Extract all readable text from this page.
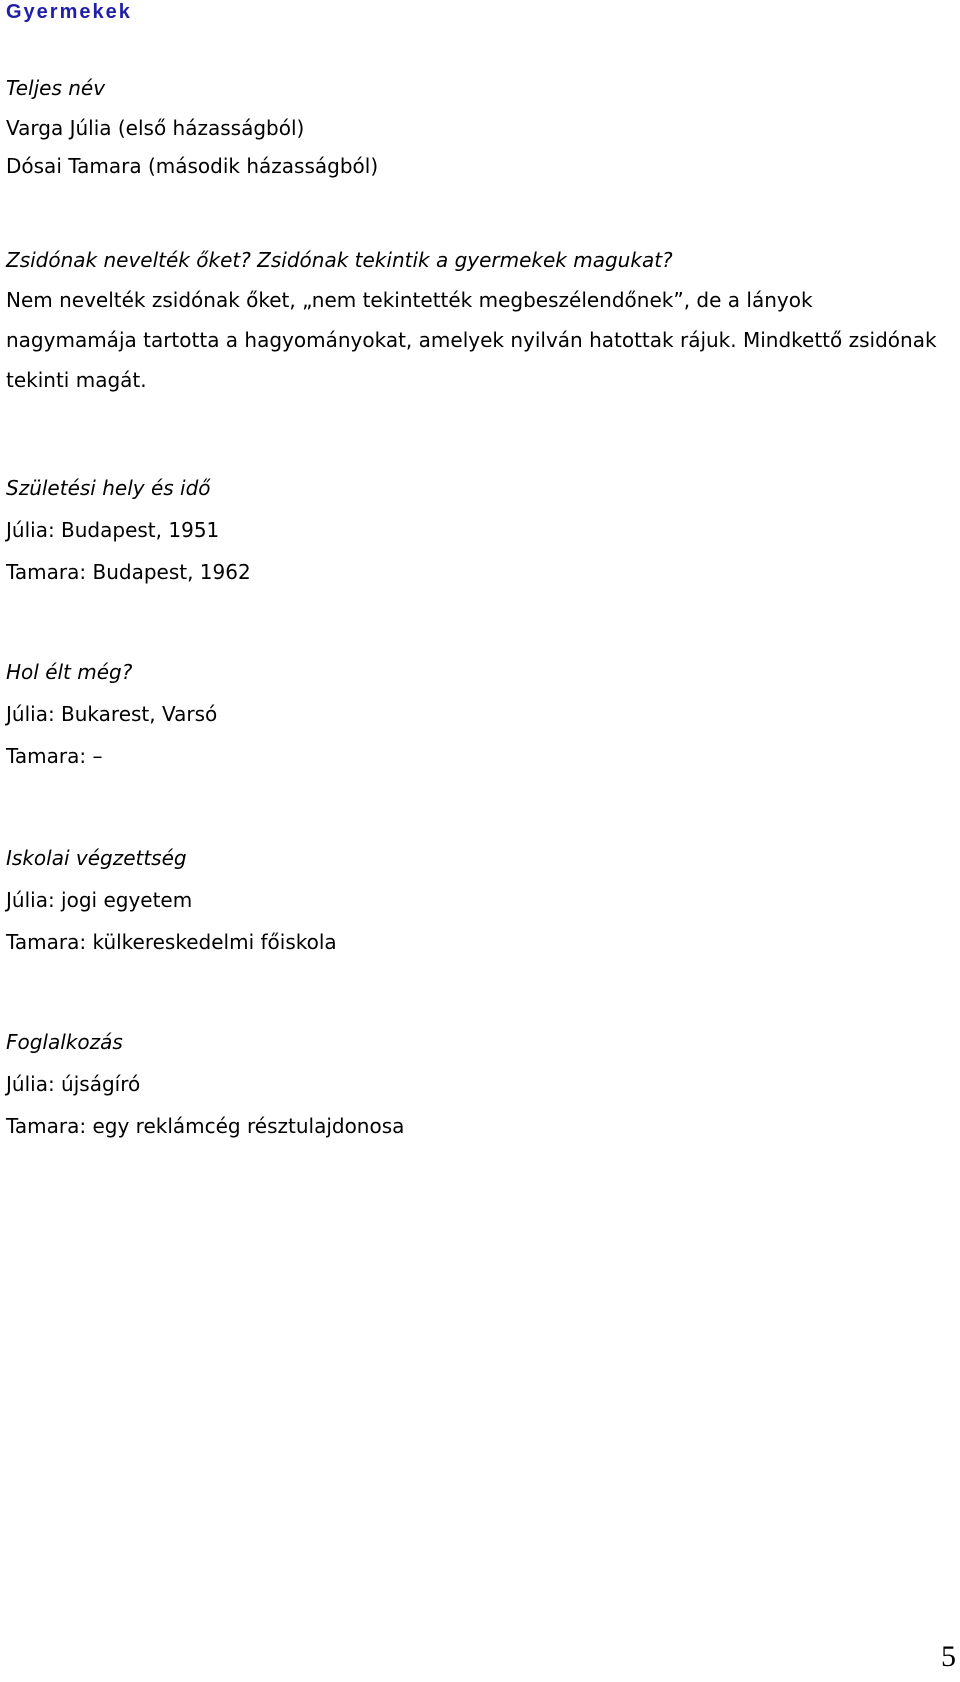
Gyermekek
Teljes név
Varga Júlia (első házasságból)
Dósai Tamara (második házasságból)
Zsidónak nevelték őket? Zsidónak tekintik a gyermekek magukat?
Nem nevelték zsidónak őket, „nem tekintették megbeszélendőnek”, de a lányok nagymamája tartotta a hagyományokat, amelyek nyilván hatottak rájuk. Mindkettő zsidónak tekinti magát.
Születési hely és idő
Júlia: Budapest, 1951
Tamara: Budapest, 1962
Hol élt még?
Júlia: Bukarest, Varsó
Tamara: –
Iskolai végzettség
Júlia: jogi egyetem
Tamara: külkereskedelmi főiskola
Foglalkozás
Júlia: újságíró
Tamara: egy reklámcég résztulajdonosa
5
